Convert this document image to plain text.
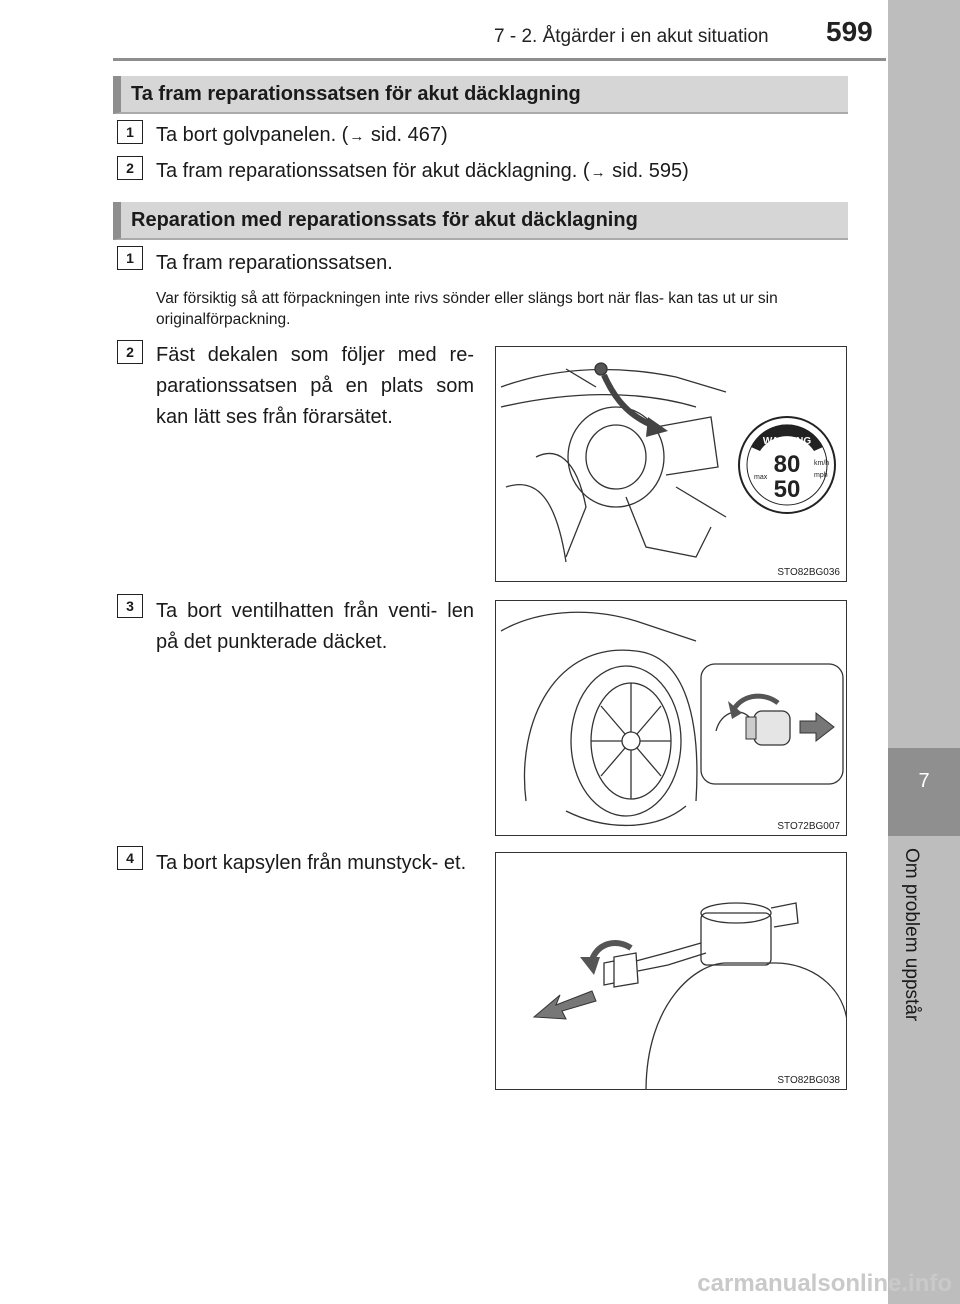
7 - 2. Åtgärder i en akut situation 599
7
Om problem uppstår
Ta fram reparationssatsen för akut däcklagning
1	Ta bort golvpanelen. (→ sid. 467)
2	Ta fram reparationssatsen för akut däcklagning. (→ sid. 595)
Reparation med reparationssats för akut däcklagning
1	Ta fram reparationssatsen.
Var försiktig så att förpackningen inte rivs sönder eller slängs bort när flas- kan tas ut ur sin originalförpackning.
2	Fäst dekalen som följer med re- parationssatsen på en plats som kan lätt ses från förarsätet.
WARNING
80
50
km/h
mph
max
STO82BG036
3	Ta bort ventilhatten från venti- len på det punkterade däcket.
STO72BG007
4	Ta bort kapsylen från munstyck- et.
STO82BG038
carmanualsonline.info
